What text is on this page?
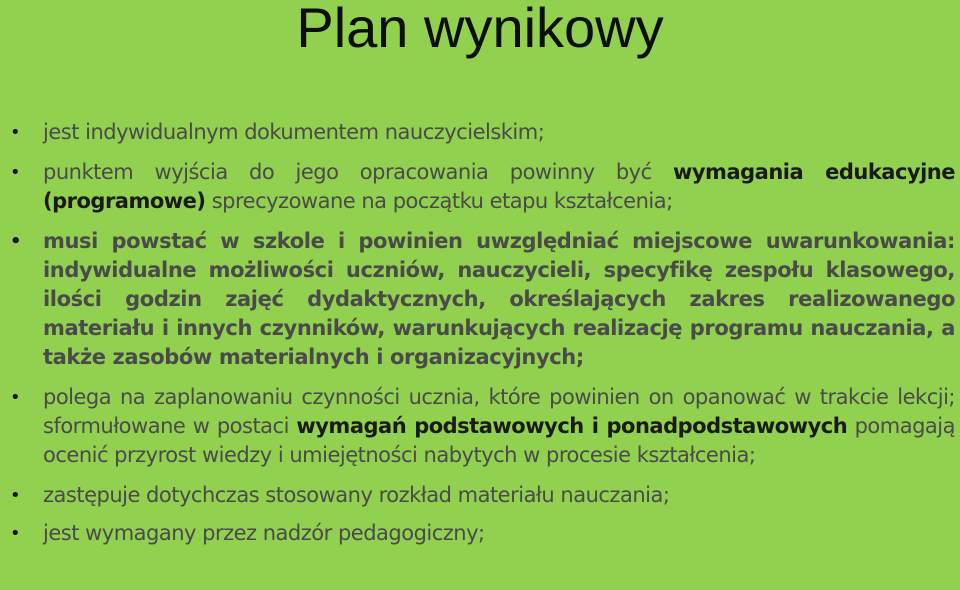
Plan wynikowy
• jest indywidualnym dokumentem nauczycielskim;
• punktem wyjścia do jego opracowania powinny być wymagania edukacyjne (programowe) sprecyzowane na początku etapu kształcenia;
• musi powstać w szkole i powinien uwzględniać miejscowe uwarunkowania: indywidualne możliwości uczniów, nauczycieli, specyfikę zespołu klasowego, ilości godzin zajęć dydaktycznych, określających zakres realizowanego materiału i innych czynników, warunkujących realizację programu nauczania, a także zasobów materialnych i organizacyjnych;
• polega na zaplanowaniu czynności ucznia, które powinien on opanować w trakcie lekcji; sformułowane w postaci wymagań podstawowych i ponadpodstawowych pomagają ocenić przyrost wiedzy i umiejętności nabytych w procesie kształcenia;
• zastępuje dotychczas stosowany rozkład materiału nauczania;
• jest wymagany przez nadzór pedagogiczny;
